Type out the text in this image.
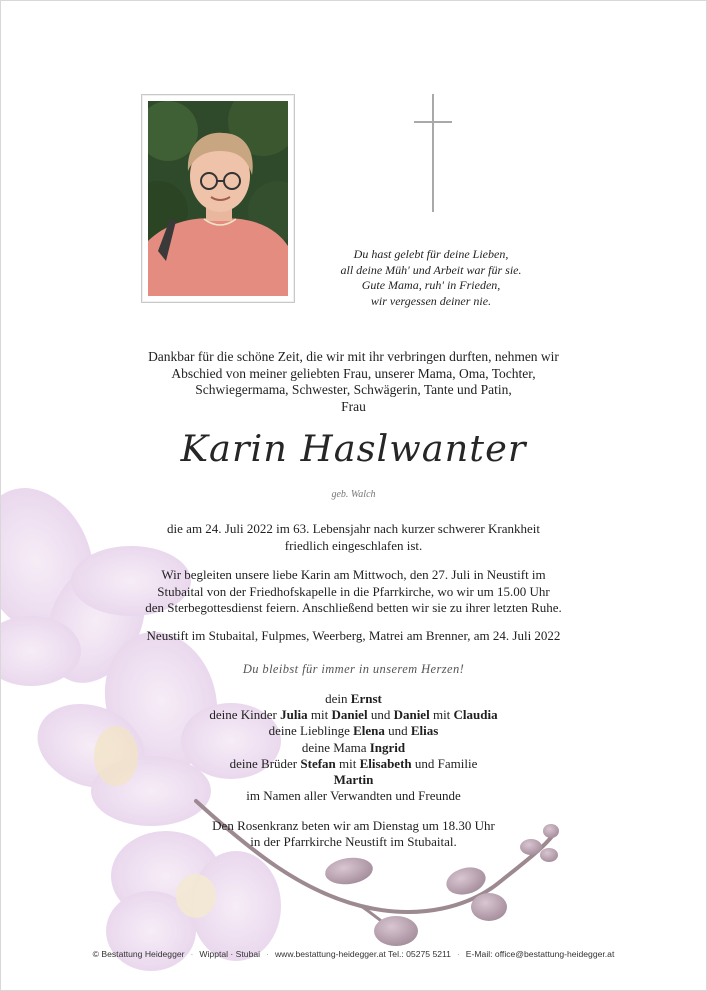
Du hast gelebt für deine Lieben,
all deine Müh' und Arbeit war für sie.
Gute Mama, ruh' in Frieden,
wir vergessen deiner nie.
Dankbar für die schöne Zeit, die wir mit ihr verbringen durften, nehmen wir
Abschied von meiner geliebten Frau, unserer Mama, Oma, Tochter,
Schwiegermama, Schwester, Schwägerin, Tante und Patin,
Frau
Karin Haslwanter
geb. Walch
die am 24. Juli 2022 im 63. Lebensjahr nach kurzer schwerer Krankheit
friedlich eingeschlafen ist.
Wir begleiten unsere liebe Karin am Mittwoch, den 27. Juli in Neustift im
Stubaital von der Friedhofskapelle in die Pfarrkirche, wo wir um 15.00 Uhr
den Sterbegottesdienst feiern. Anschließend betten wir sie zu ihrer letzten Ruhe.
Neustift im Stubaital, Fulpmes, Weerberg, Matrei am Brenner, am 24. Juli 2022
Du bleibst für immer in unserem Herzen!
dein Ernst
deine Kinder Julia mit Daniel und Daniel mit Claudia
deine Lieblinge Elena und Elias
deine Mama Ingrid
deine Brüder Stefan mit Elisabeth und Familie
Martin
im Namen aller Verwandten und Freunde
Den Rosenkranz beten wir am Dienstag um 18.30 Uhr
in der Pfarrkirche Neustift im Stubaital.
© Bestattung Heidegger · Wipptal · Stubai · www.bestattung-heidegger.at Tel.: 05275 5211 · E-Mail: office@bestattung-heidegger.at
